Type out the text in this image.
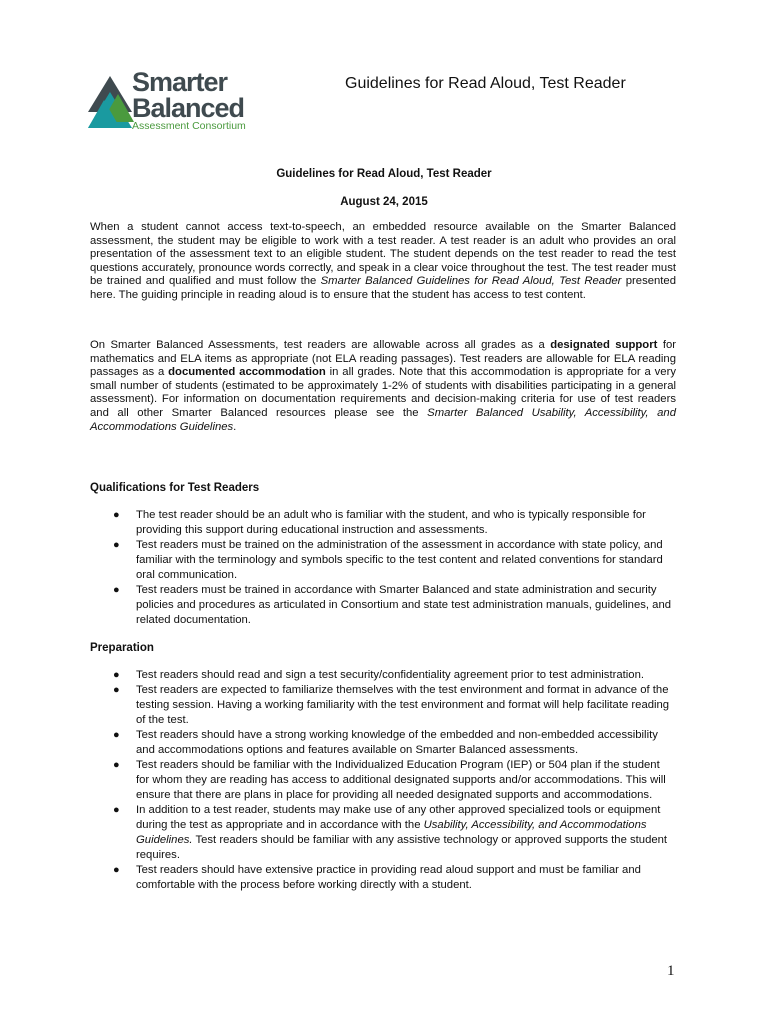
Smarter
Balanced
Assessment Consortium
Guidelines for Read Aloud, Test Reader
Guidelines for Read Aloud, Test Reader
August 24, 2015
When a student cannot access text-to-speech, an embedded resource available on the Smarter Balanced assessment, the student may be eligible to work with a test reader. A test reader is an adult who provides an oral presentation of the assessment text to an eligible student. The student depends on the test reader to read the test questions accurately, pronounce words correctly, and speak in a clear voice throughout the test. The test reader must be trained and qualified and must follow the Smarter Balanced Guidelines for Read Aloud, Test Reader presented here. The guiding principle in reading aloud is to ensure that the student has access to test content.
On Smarter Balanced Assessments, test readers are allowable across all grades as a designated support for mathematics and ELA items as appropriate (not ELA reading passages). Test readers are allowable for ELA reading passages as a documented accommodation in all grades. Note that this accommodation is appropriate for a very small number of students (estimated to be approximately 1-2% of students with disabilities participating in a general assessment). For information on documentation requirements and decision-making criteria for use of test readers and all other Smarter Balanced resources please see the Smarter Balanced Usability, Accessibility, and Accommodations Guidelines.
Qualifications for Test Readers
● The test reader should be an adult who is familiar with the student, and who is typically responsible for providing this support during educational instruction and assessments.
● Test readers must be trained on the administration of the assessment in accordance with state policy, and familiar with the terminology and symbols specific to the test content and related conventions for standard oral communication.
● Test readers must be trained in accordance with Smarter Balanced and state administration and security policies and procedures as articulated in Consortium and state test administration manuals, guidelines, and related documentation.
Preparation
● Test readers should read and sign a test security/confidentiality agreement prior to test administration.
● Test readers are expected to familiarize themselves with the test environment and format in advance of the testing session. Having a working familiarity with the test environment and format will help facilitate reading of the test.
● Test readers should have a strong working knowledge of the embedded and non-embedded accessibility and accommodations options and features available on Smarter Balanced assessments.
● Test readers should be familiar with the Individualized Education Program (IEP) or 504 plan if the student for whom they are reading has access to additional designated supports and/or accommodations. This will ensure that there are plans in place for providing all needed designated supports and accommodations.
● In addition to a test reader, students may make use of any other approved specialized tools or equipment during the test as appropriate and in accordance with the Usability, Accessibility, and Accommodations Guidelines. Test readers should be familiar with any assistive technology or approved supports the student requires.
● Test readers should have extensive practice in providing read aloud support and must be familiar and comfortable with the process before working directly with a student.
1
